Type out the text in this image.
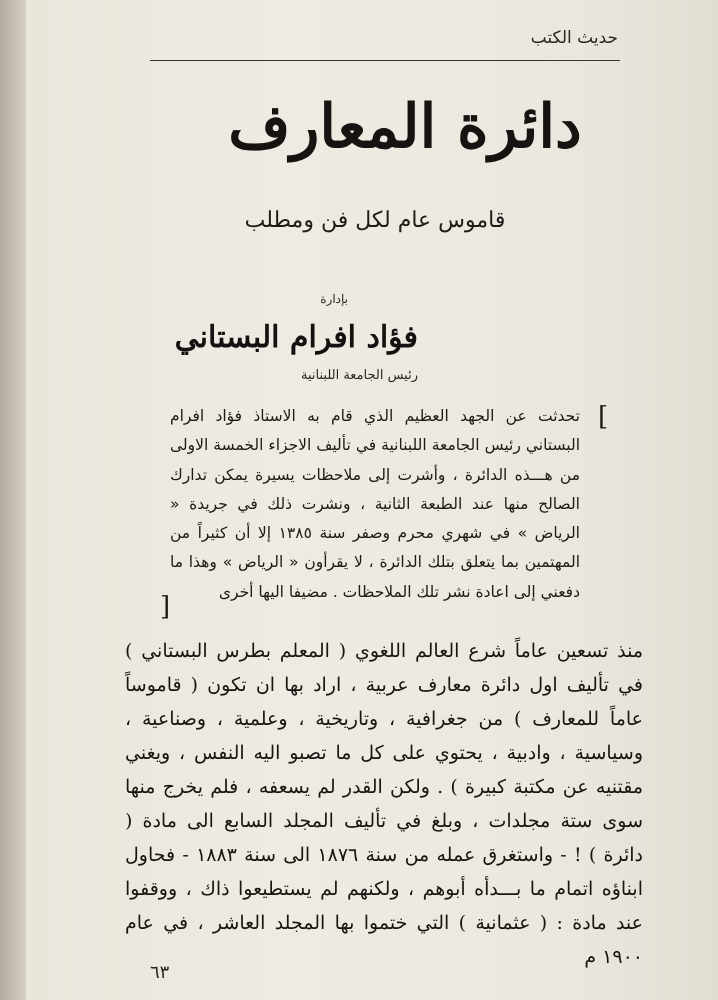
حديث الكتب
دائرة المعارف
قاموس عام لكل فن ومطلب
بإدارة
فؤاد افرام البستاني
رئيس الجامعة اللبنانية
[
تحدثت عن الجهد العظيم الذي قام به الاستاذ فؤاد افرام البستاني رئيس الجامعة اللبنانية في تأليف الاجزاء الخمسة الاولى من هـــذه الدائرة ، وأشرت إلى ملاحظات يسيرة يمكن تدارك الصالح منها عند الطبعة الثانية ، ونشرت ذلك في جريدة « الرياض » في شهري محرم وصفر سنة ١٣٨٥ إلا أن كثيراً من المهتمين بما يتعلق بتلك الدائرة ، لا يقرأون « الرياض » وهذا ما دفعني إلى اعادة نشر تلك الملاحظات . مضيفا اليها أخرى
]

منذ تسعين عاماً شرع العالم اللغوي ( المعلم بطرس البستاني ) في تأليف اول دائرة معارف عربية ، اراد بها ان تكون ( قاموساً عاماً للمعارف ) من جغرافية ، وتاريخية ، وعلمية ، وصناعية ، وسياسية ، وادبية ، يحتوي على كل ما تصبو اليه النفس ، ويغني مقتنيه عن مكتبة كبيرة ) . ولكن القدر لم يسعفه ، فلم يخرج منها سوى ستة مجلدات ، وبلغ في تأليف المجلد السابع الى مادة ( دائرة ) ! - واستغرق عمله من سنة ١٨٧٦ الى سنة ١٨٨٣ - فحاول ابناؤه اتمام ما بـــدأه أبوهم ، ولكنهم لم يستطيعوا ذاك ، ووقفوا عند مادة : ( عثمانية ) التي ختموا بها المجلد العاشر ، في عام ١٩٠٠ م

٦٣
